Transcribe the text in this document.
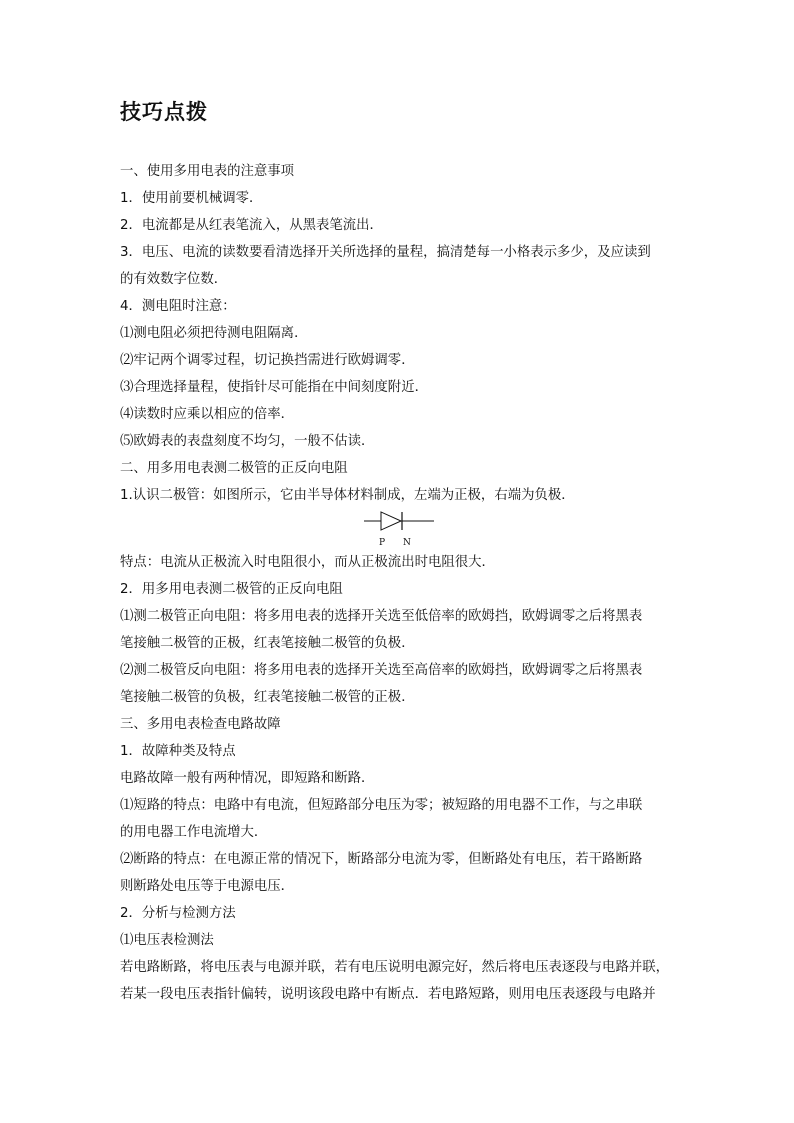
技巧点拨
一、使用多用电表的注意事项
1．使用前要机械调零．
2．电流都是从红表笔流入，从黑表笔流出．
3．电压、电流的读数要看清选择开关所选择的量程，搞清楚每一小格表示多少，及应读到
的有效数字位数．
4．测电阻时注意：
⑴测电阻必须把待测电阻隔离．
⑵牢记两个调零过程，切记换挡需进行欧姆调零．
⑶合理选择量程，使指针尽可能指在中间刻度附近．
⑷读数时应乘以相应的倍率．
⑸欧姆表的表盘刻度不均匀，一般不估读．
二、用多用电表测二极管的正反向电阻
1.认识二极管：如图所示，它由半导体材料制成，左端为正极，右端为负极．
P N
特点：电流从正极流入时电阻很小，而从正极流出时电阻很大．
2．用多用电表测二极管的正反向电阻
⑴测二极管正向电阻：将多用电表的选择开关选至低倍率的欧姆挡，欧姆调零之后将黑表
笔接触二极管的正极，红表笔接触二极管的负极．
⑵测二极管反向电阻：将多用电表的选择开关选至高倍率的欧姆挡，欧姆调零之后将黑表
笔接触二极管的负极，红表笔接触二极管的正极．
三、多用电表检查电路故障
1．故障种类及特点
电路故障一般有两种情况，即短路和断路．
⑴短路的特点：电路中有电流，但短路部分电压为零；被短路的用电器不工作，与之串联
的用电器工作电流增大．
⑵断路的特点：在电源正常的情况下，断路部分电流为零，但断路处有电压，若干路断路
则断路处电压等于电源电压．
2．分析与检测方法
⑴电压表检测法
若电路断路，将电压表与电源并联，若有电压说明电源完好，然后将电压表逐段与电路并联，
若某一段电压表指针偏转，说明该段电路中有断点．若电路短路，则用电压表逐段与电路并
